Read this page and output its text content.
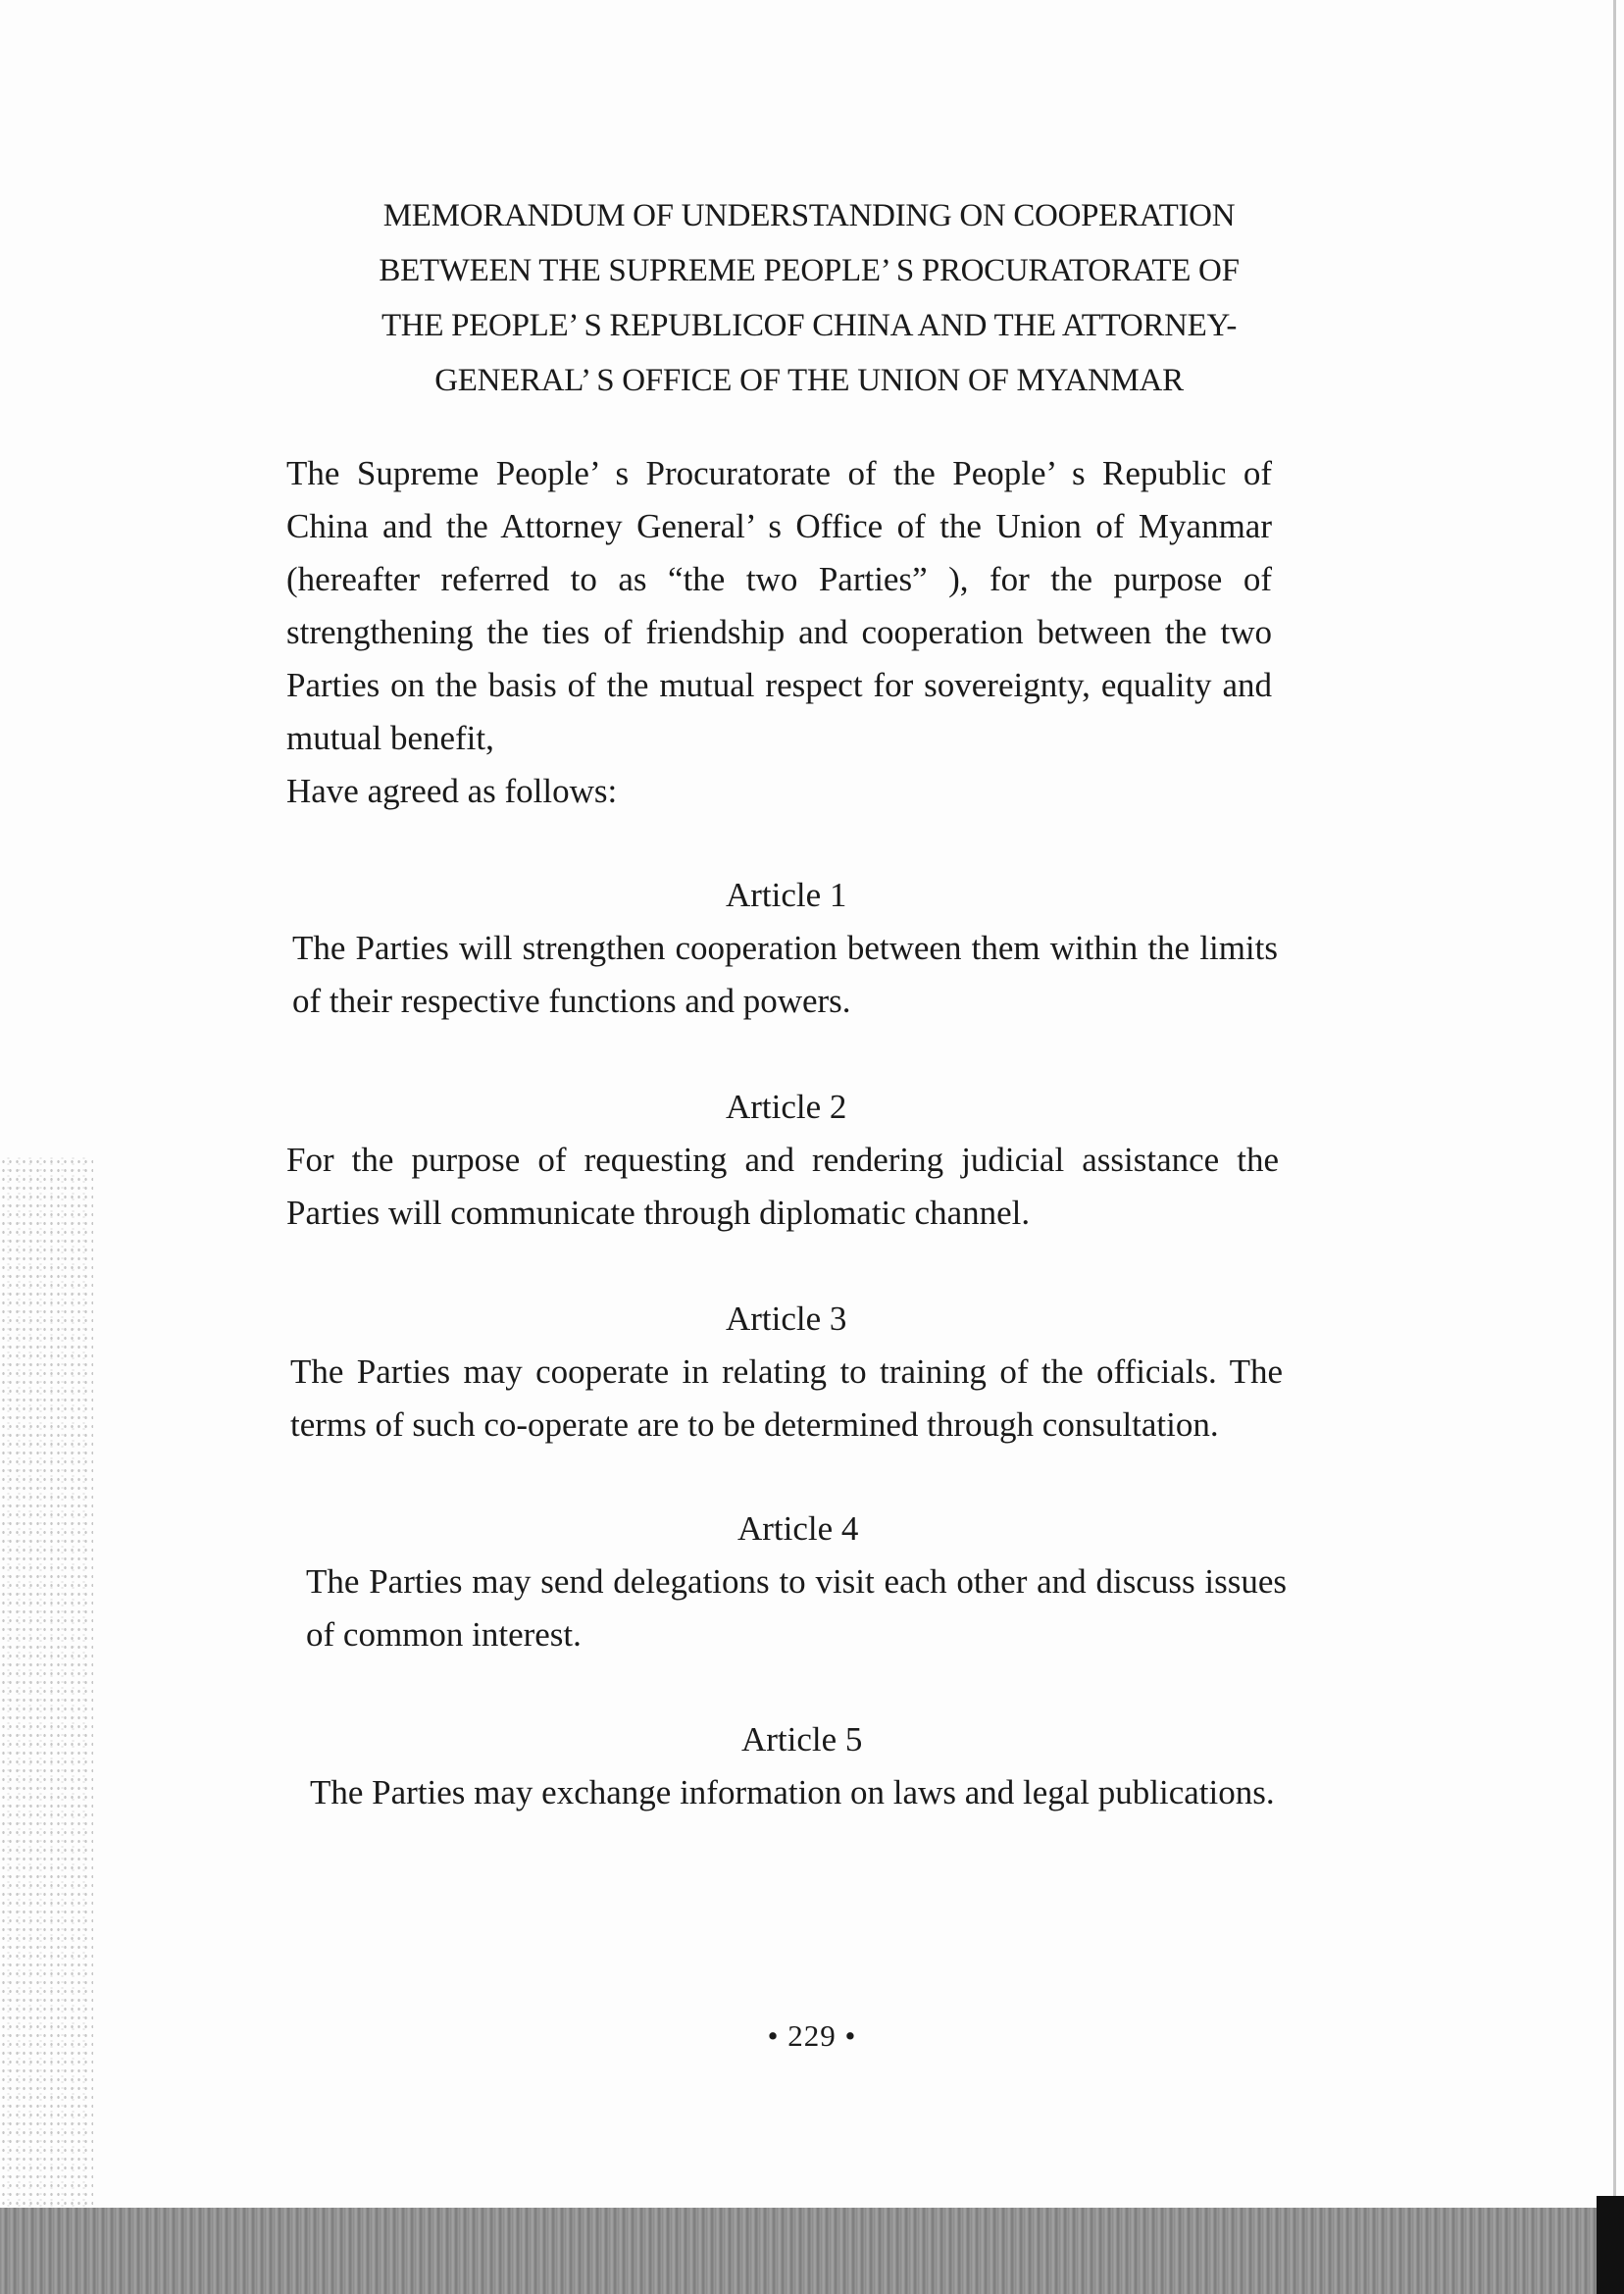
MEMORANDUM OF UNDERSTANDING ON COOPERATION
BETWEEN THE SUPREME PEOPLE’ S PROCURATORATE OF
THE PEOPLE’ S REPUBLICOF CHINA AND THE ATTORNEY-
GENERAL’ S OFFICE OF THE UNION OF MYANMAR
The Supreme People’ s Procuratorate of the People’ s Republic of
China and the Attorney General’ s Office of the Union of Myanmar
(hereafter referred to as “the two Parties” ), for the purpose of
strengthening the ties of friendship and cooperation between the two
Parties on the basis of the mutual respect for sovereignty, equality and
mutual benefit,
Have agreed as follows:
Article 1
The Parties will strengthen cooperation between them within the limits
of their respective functions and powers.
Article 2
For the purpose of requesting and rendering judicial assistance the
Parties will communicate through diplomatic channel.
Article 3
The Parties may cooperate in relating to training of the officials. The
terms of such co-operate are to be determined through consultation.
Article 4
The Parties may send delegations to visit each other and discuss issues
of common interest.
Article 5
The Parties may exchange information on laws and legal publications.
• 229 •
